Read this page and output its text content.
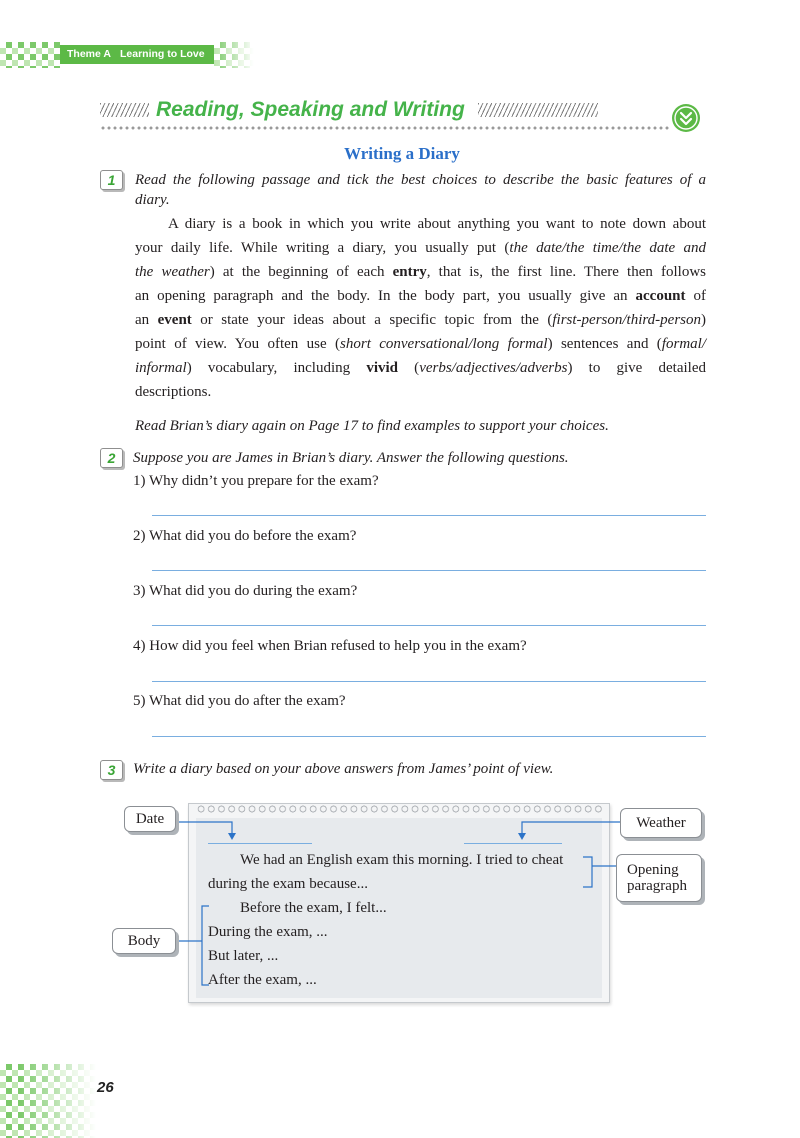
Theme A Learning to Love
Reading, Speaking and Writing
Writing a Diary
1	Read the following passage and tick the best choices to describe the basic features of a
diary.
A diary is a book in which you write about anything you want to note down about
your daily life. While writing a diary, you usually put (the date/the time/the date and
the weather) at the beginning of each entry, that is, the first line. There then follows
an opening paragraph and the body. In the body part, you usually give an account of
an event or state your ideas about a specific topic from the (first-person/third-person)
point of view. You often use (short conversational/long formal) sentences and (formal/
informal) vocabulary, including vivid (verbs/adjectives/adverbs) to give detailed
descriptions.
Read Brian’s diary again on Page 17 to find examples to support your choices.
2	Suppose you are James in Brian’s diary. Answer the following questions.
1) Why didn’t you prepare for the exam?
2) What did you do before the exam?
3) What did you do during the exam?
4) How did you feel when Brian refused to help you in the exam?
5) What did you do after the exam?
3	Write a diary based on your above answers from James’ point of view.
We had an English exam this morning. I tried to cheat
during the exam because...
Before the exam, I felt...
During the exam, ...
But later, ...
After the exam, ...
Date	Weather
Opening paragraph
Body
26
